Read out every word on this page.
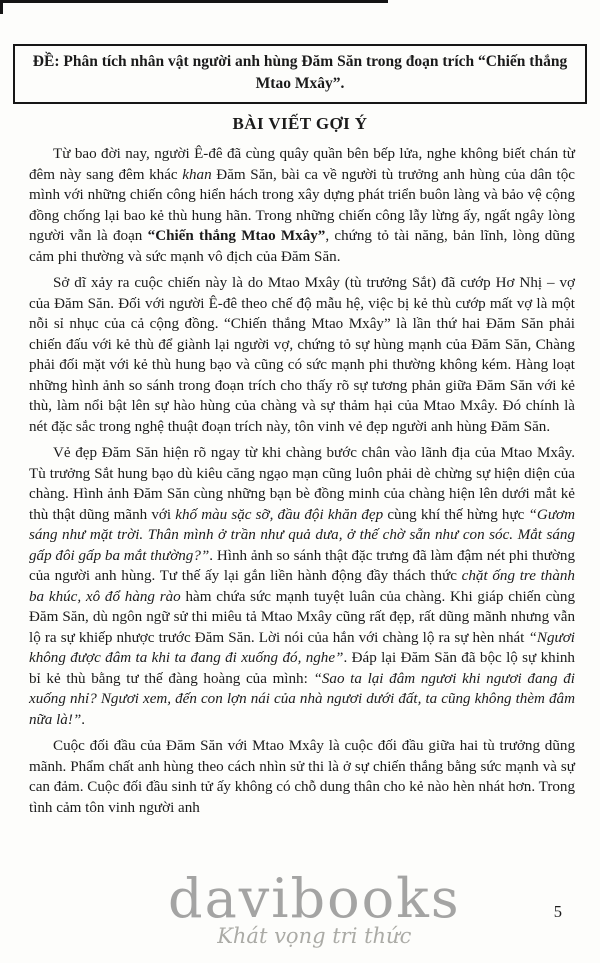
ĐỀ: Phân tích nhân vật người anh hùng Đăm Săn trong đoạn trích “Chiến thắng Mtao Mxây”.
BÀI VIẾT GỢI Ý

Từ bao đời nay, người Ê-đê đã cùng quây quần bên bếp lửa, nghe không biết chán từ đêm này sang đêm khác khan Đăm Săn, bài ca về người tù trưởng anh hùng của dân tộc mình với những chiến công hiển hách trong xây dựng phát triển buôn làng và bảo vệ cộng đồng chống lại bao kẻ thù hung hãn. Trong những chiến công lẫy lừng ấy, ngất ngây lòng người vẫn là đoạn “Chiến thắng Mtao Mxây”, chứng tỏ tài năng, bản lĩnh, lòng dũng cảm phi thường và sức mạnh vô địch của Đăm Săn.

Sở dĩ xảy ra cuộc chiến này là do Mtao Mxây (tù trưởng Sắt) đã cướp Hơ Nhị – vợ của Đăm Săn. Đối với người Ê-đê theo chế độ mẫu hệ, việc bị kẻ thù cướp mất vợ là một nỗi sỉ nhục của cả cộng đồng. “Chiến thắng Mtao Mxây” là lần thứ hai Đăm Săn phải chiến đấu với kẻ thù để giành lại người vợ, chứng tỏ sự hùng mạnh của Đăm Săn, Chàng phải đối mặt với kẻ thù hung bạo và cũng có sức mạnh phi thường không kém. Hàng loạt những hình ảnh so sánh trong đoạn trích cho thấy rõ sự tương phản giữa Đăm Săn với kẻ thù, làm nổi bật lên sự hào hùng của chàng và sự thảm hại của Mtao Mxây. Đó chính là nét đặc sắc trong nghệ thuật đoạn trích này, tôn vinh vẻ đẹp người anh hùng Đăm Săn.

Vẻ đẹp Đăm Săn hiện rõ ngay từ khi chàng bước chân vào lãnh địa của Mtao Mxây. Tù trưởng Sắt hung bạo dù kiêu căng ngạo mạn cũng luôn phải dè chừng sự hiện diện của chàng. Hình ảnh Đăm Săn cùng những bạn bè đồng minh của chàng hiện lên dưới mắt kẻ thù thật dũng mãnh với khố màu sặc sỡ, đầu đội khăn đẹp cùng khí thế hừng hực “Gươm sáng như mặt trời. Thân mình ở trần như quả dưa, ở thế chờ sẵn như con sóc. Mắt sáng gấp đôi gấp ba mắt thường?”. Hình ảnh so sánh thật đặc trưng đã làm đậm nét phi thường của người anh hùng. Tư thế ấy lại gắn liền hành động đầy thách thức chặt ống tre thành ba khúc, xô đổ hàng rào hàm chứa sức mạnh tuyệt luân của chàng. Khi giáp chiến cùng Đăm Săn, dù ngôn ngữ sử thi miêu tả Mtao Mxây cũng rất đẹp, rất dũng mãnh nhưng vẫn lộ ra sự khiếp nhược trước Đăm Săn. Lời nói của hắn với chàng lộ ra sự hèn nhát “Ngươi không được đâm ta khi ta đang đi xuống đó, nghe”. Đáp lại Đăm Săn đã bộc lộ sự khinh bỉ kẻ thù bằng tư thế đàng hoàng của mình: “Sao ta lại đâm ngươi khi ngươi đang đi xuống nhỉ? Ngươi xem, đến con lợn nái của nhà ngươi dưới đất, ta cũng không thèm đâm nữa là!”.

Cuộc đối đầu của Đăm Săn với Mtao Mxây là cuộc đối đầu giữa hai tù trưởng dũng mãnh. Phẩm chất anh hùng theo cách nhìn sử thi là ở sự chiến thắng bằng sức mạnh và sự can đảm. Cuộc đối đầu sinh tử ấy không có chỗ dung thân cho kẻ nào hèn nhát hơn. Trong tình cảm tôn vinh người anh

davibooks
Khát vọng tri thức
5
